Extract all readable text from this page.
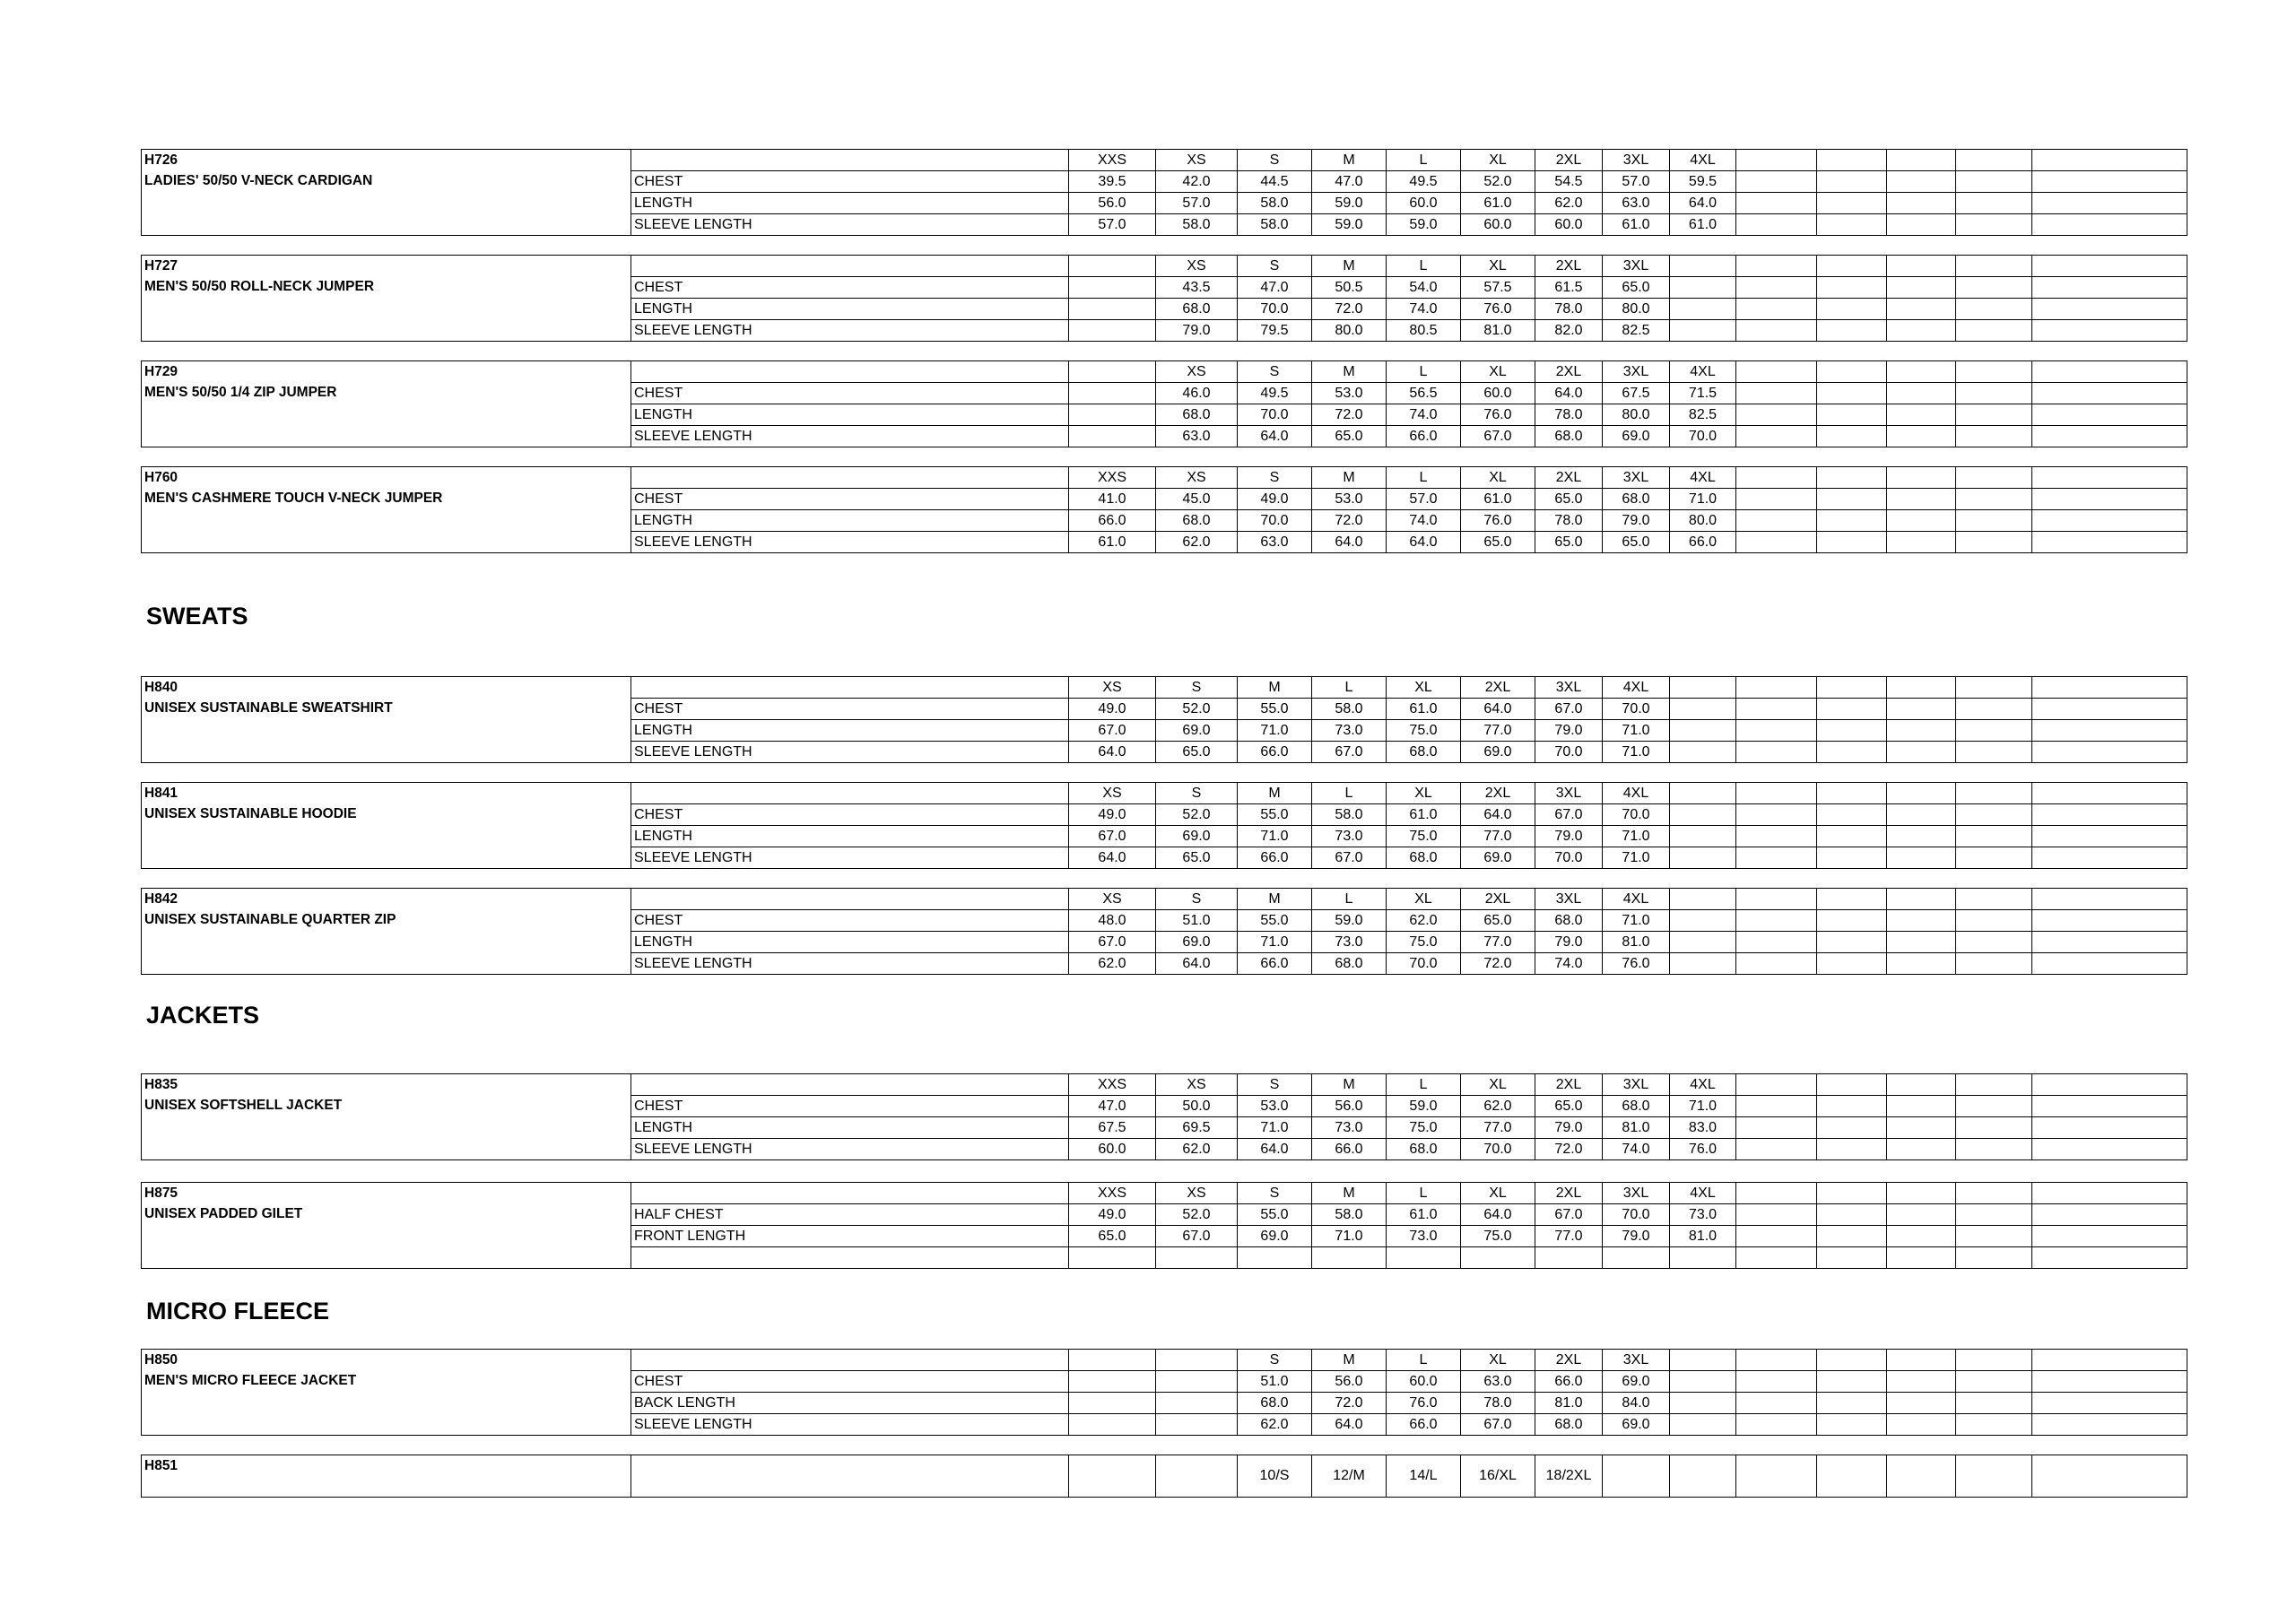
H726
LADIES' 50/50 V-NECK CARDIGAN		XXS	XS	S	M	L	XL	2XL	3XL	4XL						
	CHEST	39.5	42.0	44.5	47.0	49.5	52.0	54.5	57.0	59.5						
	LENGTH	56.0	57.0	58.0	59.0	60.0	61.0	62.0	63.0	64.0						
	SLEEVE LENGTH	57.0	58.0	58.0	59.0	59.0	60.0	60.0	61.0	61.0						
H727
MEN'S 50/50 ROLL-NECK JUMPER			XS	S	M	L	XL	2XL	3XL							
	CHEST		43.5	47.0	50.5	54.0	57.5	61.5	65.0							
	LENGTH		68.0	70.0	72.0	74.0	76.0	78.0	80.0							
	SLEEVE LENGTH		79.0	79.5	80.0	80.5	81.0	82.0	82.5							
H729
MEN'S 50/50 1/4 ZIP JUMPER			XS	S	M	L	XL	2XL	3XL	4XL						
	CHEST		46.0	49.5	53.0	56.5	60.0	64.0	67.5	71.5						
	LENGTH		68.0	70.0	72.0	74.0	76.0	78.0	80.0	82.5						
	SLEEVE LENGTH		63.0	64.0	65.0	66.0	67.0	68.0	69.0	70.0						
H760
MEN'S CASHMERE TOUCH V-NECK JUMPER		XXS	XS	S	M	L	XL	2XL	3XL	4XL						
	CHEST	41.0	45.0	49.0	53.0	57.0	61.0	65.0	68.0	71.0						
	LENGTH	66.0	68.0	70.0	72.0	74.0	76.0	78.0	79.0	80.0						
	SLEEVE LENGTH	61.0	62.0	63.0	64.0	64.0	65.0	65.0	65.0	66.0						
SWEATS
H840
UNISEX SUSTAINABLE SWEATSHIRT		XS	S	M	L	XL	2XL	3XL	4XL							
	CHEST	49.0	52.0	55.0	58.0	61.0	64.0	67.0	70.0							
	LENGTH	67.0	69.0	71.0	73.0	75.0	77.0	79.0	71.0							
	SLEEVE LENGTH	64.0	65.0	66.0	67.0	68.0	69.0	70.0	71.0							
H841
UNISEX SUSTAINABLE HOODIE		XS	S	M	L	XL	2XL	3XL	4XL							
	CHEST	49.0	52.0	55.0	58.0	61.0	64.0	67.0	70.0							
	LENGTH	67.0	69.0	71.0	73.0	75.0	77.0	79.0	71.0							
	SLEEVE LENGTH	64.0	65.0	66.0	67.0	68.0	69.0	70.0	71.0							
H842
UNISEX SUSTAINABLE QUARTER ZIP		XS	S	M	L	XL	2XL	3XL	4XL							
	CHEST	48.0	51.0	55.0	59.0	62.0	65.0	68.0	71.0							
	LENGTH	67.0	69.0	71.0	73.0	75.0	77.0	79.0	81.0							
	SLEEVE LENGTH	62.0	64.0	66.0	68.0	70.0	72.0	74.0	76.0							
JACKETS
H835
UNISEX SOFTSHELL JACKET		XXS	XS	S	M	L	XL	2XL	3XL	4XL						
	CHEST	47.0	50.0	53.0	56.0	59.0	62.0	65.0	68.0	71.0						
	LENGTH	67.5	69.5	71.0	73.0	75.0	77.0	79.0	81.0	83.0						
	SLEEVE LENGTH	60.0	62.0	64.0	66.0	68.0	70.0	72.0	74.0	76.0						
H875
UNISEX PADDED GILET		XXS	XS	S	M	L	XL	2XL	3XL	4XL						
	HALF CHEST	49.0	52.0	55.0	58.0	61.0	64.0	67.0	70.0	73.0						
	FRONT LENGTH	65.0	67.0	69.0	71.0	73.0	75.0	77.0	79.0	81.0						

MICRO FLEECE
H850
MEN'S MICRO FLEECE JACKET				S	M	L	XL	2XL	3XL							
	CHEST			51.0	56.0	60.0	63.0	66.0	69.0							
	BACK LENGTH			68.0	72.0	76.0	78.0	81.0	84.0							
	SLEEVE LENGTH			62.0	64.0	66.0	67.0	68.0	69.0							
H851
				10/S	12/M	14/L	16/XL	18/2XL								
